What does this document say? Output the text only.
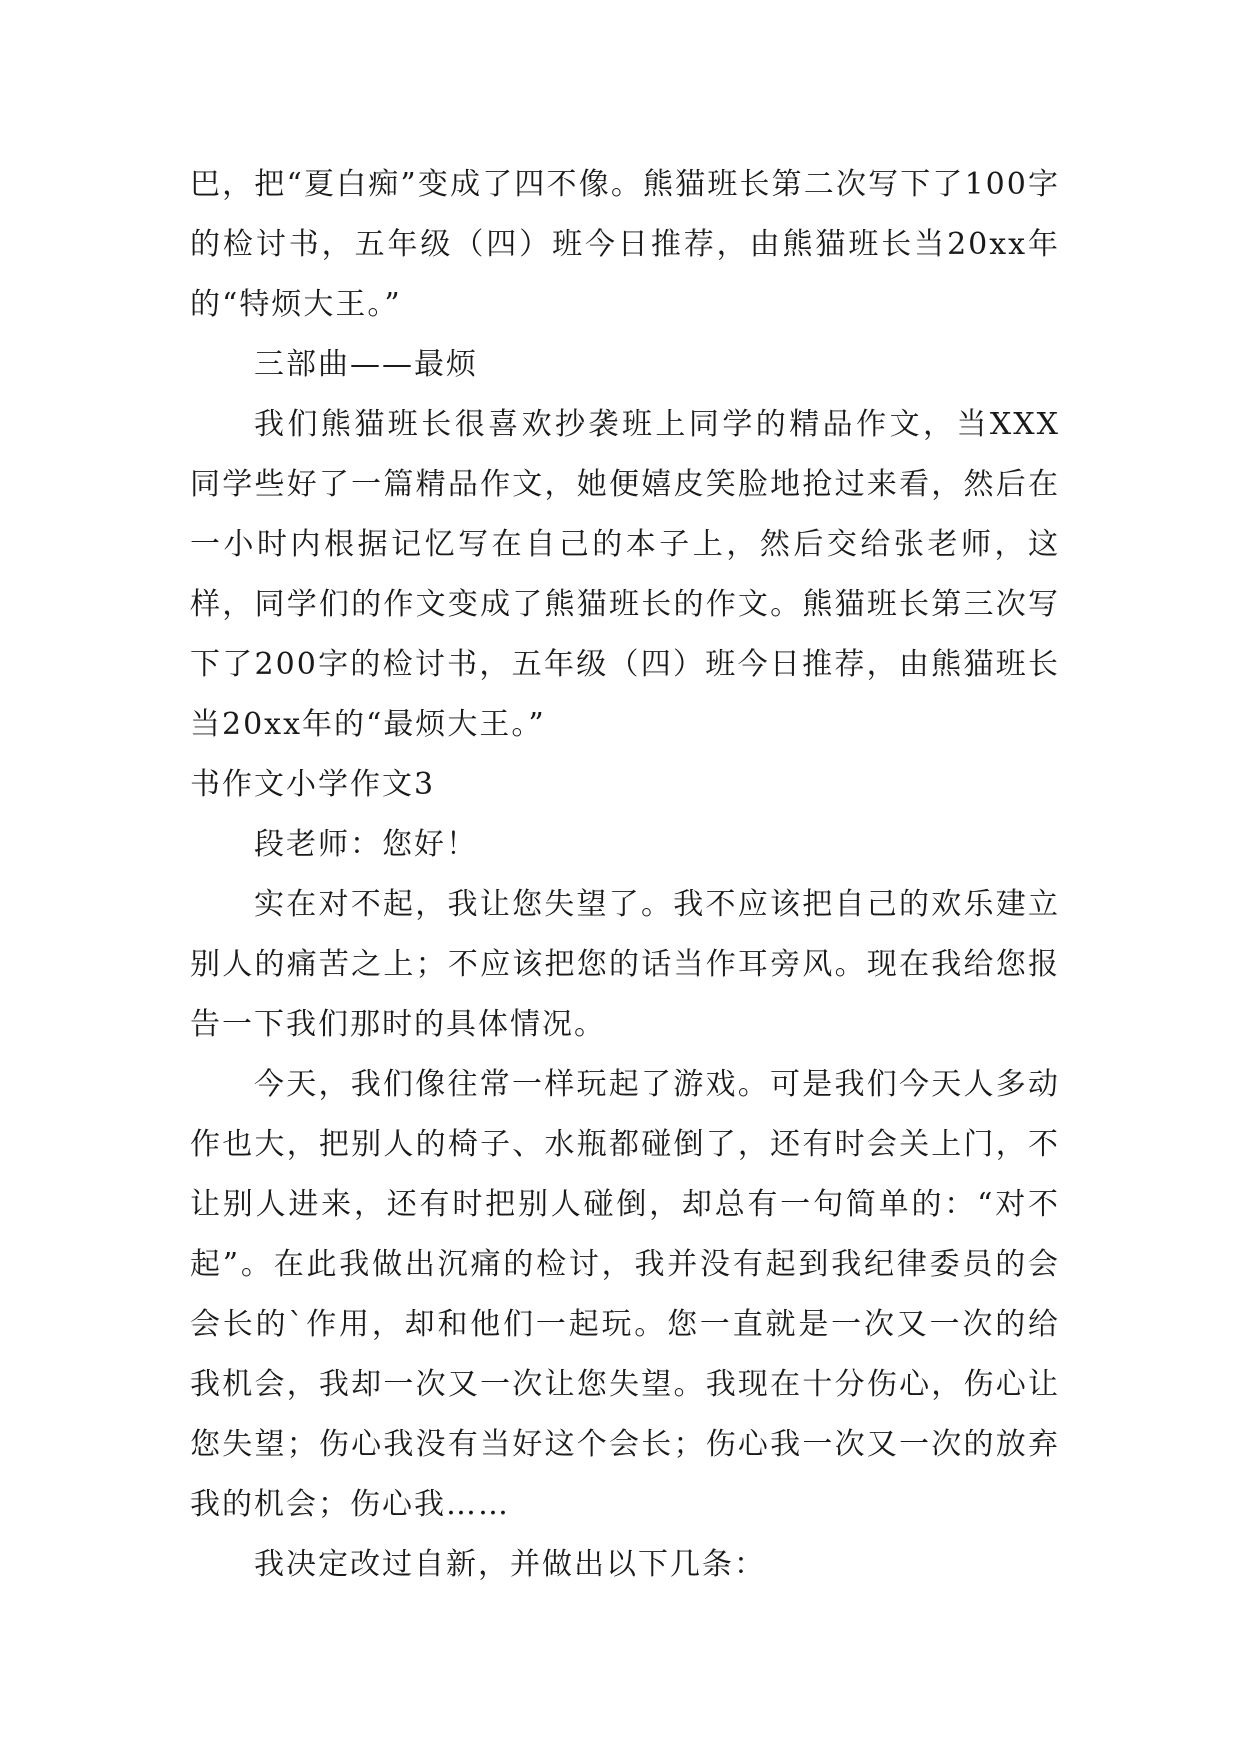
巴，把“夏白痴”变成了四不像。熊猫班长第二次写下了100字的检讨书，五年级（四）班今日推荐，由熊猫班长当20xx年的“特烦大王。”

三部曲——最烦

我们熊猫班长很喜欢抄袭班上同学的精品作文，当XXX同学些好了一篇精品作文，她便嬉皮笑脸地抢过来看，然后在一小时内根据记忆写在自己的本子上，然后交给张老师，这样，同学们的作文变成了熊猫班长的作文。熊猫班长第三次写下了200字的检讨书，五年级（四）班今日推荐，由熊猫班长当20xx年的“最烦大王。”

书作文小学作文3

段老师：您好！

实在对不起，我让您失望了。我不应该把自己的欢乐建立别人的痛苦之上；不应该把您的话当作耳旁风。现在我给您报告一下我们那时的具体情况。

今天，我们像往常一样玩起了游戏。可是我们今天人多动作也大，把别人的椅子、水瓶都碰倒了，还有时会关上门，不让别人进来，还有时把别人碰倒，却总有一句简单的：“对不起”。在此我做出沉痛的检讨，我并没有起到我纪律委员的会会长的`作用，却和他们一起玩。您一直就是一次又一次的给我机会，我却一次又一次让您失望。我现在十分伤心，伤心让您失望；伤心我没有当好这个会长；伤心我一次又一次的放弃我的机会；伤心我……

我决定改过自新，并做出以下几条：
